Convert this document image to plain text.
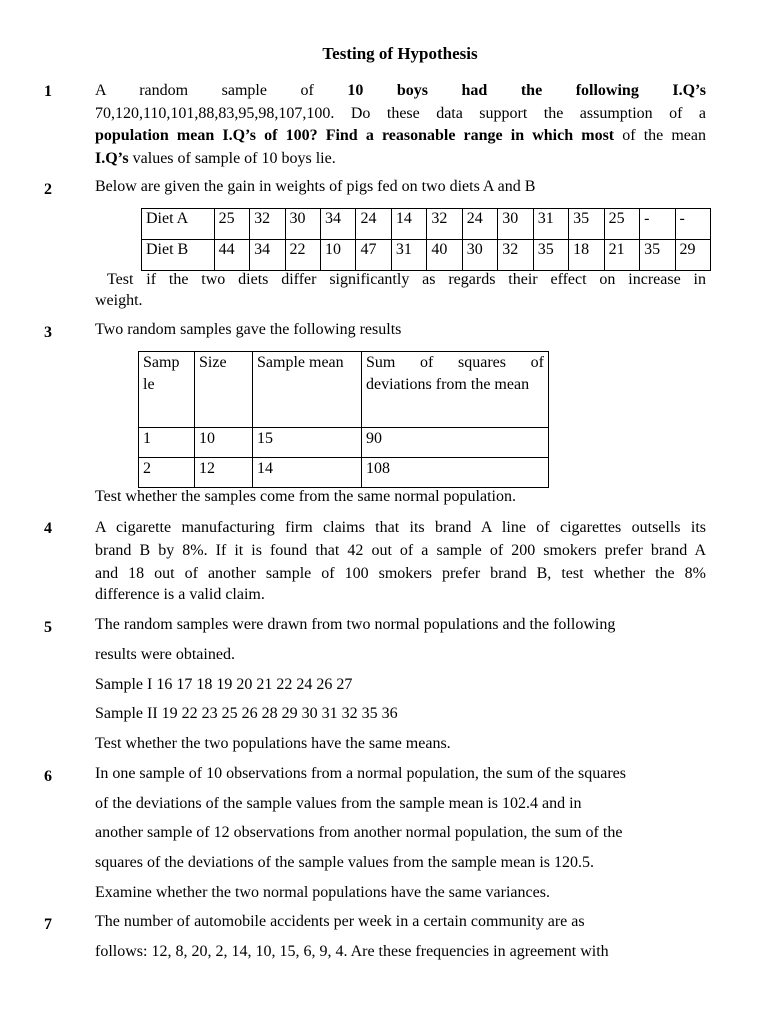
Testing of Hypothesis
1	A random sample of 10 boys had the following I.Q’s
70,120,110,101,88,83,95,98,107,100. Do these data support the assumption of a
population mean I.Q’s of 100? Find a reasonable range in which most of the mean
I.Q’s values of sample of 10 boys lie.
2	Below are given the gain in weights of pigs fed on two diets A and B
Diet A	25	32	30	34	24	14	32	24	30	31	35	25	-	-
Diet B	44	34	22	10	47	31	40	30	32	35	18	21	35	29
Test if the two diets differ significantly as regards their effect on increase in
weight.
3	Two random samples gave the following results
Samp le	Size	Sample mean	Sum of squares of deviations from the mean
1	10	15	90
2	12	14	108
Test whether the samples come from the same normal population.
4	A cigarette manufacturing firm claims that its brand A line of cigarettes outsells its
brand B by 8%. If it is found that 42 out of a sample of 200 smokers prefer brand A
and 18 out of another sample of 100 smokers prefer brand B, test whether the 8%
difference is a valid claim.
5	The random samples were drawn from two normal populations and the following
results were obtained.
Sample I 16 17 18 19 20 21 22 24 26 27
Sample II 19 22 23 25 26 28 29 30 31 32 35 36
Test whether the two populations have the same means.
6	In one sample of 10 observations from a normal population, the sum of the squares
of the deviations of the sample values from the sample mean is 102.4 and in
another sample of 12 observations from another normal population, the sum of the
squares of the deviations of the sample values from the sample mean is 120.5.
Examine whether the two normal populations have the same variances.
7	The number of automobile accidents per week in a certain community are as
follows: 12, 8, 20, 2, 14, 10, 15, 6, 9, 4. Are these frequencies in agreement with
